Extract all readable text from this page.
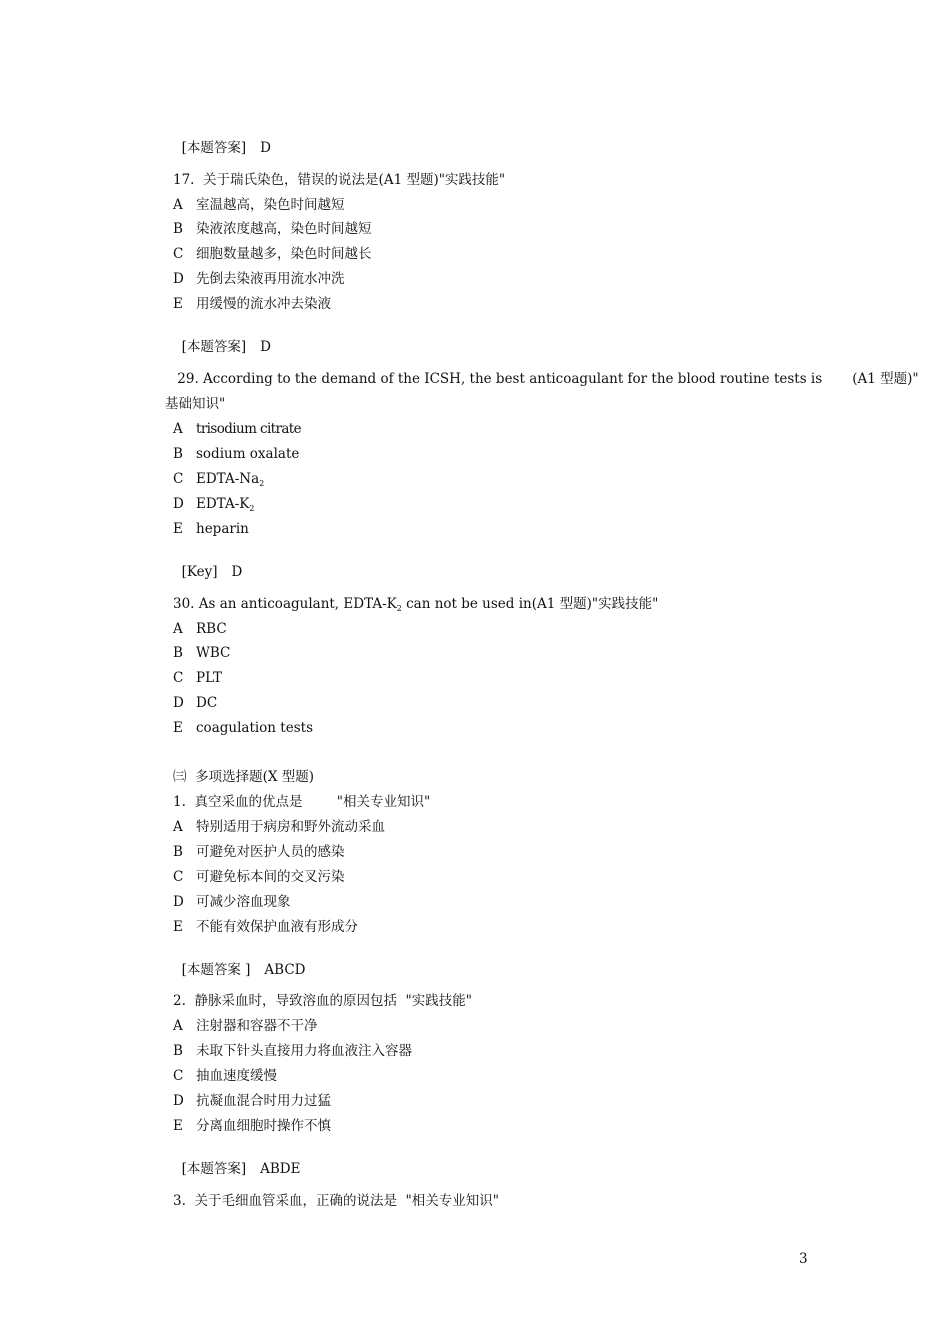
[本题答案] D

17.  关于瑞氏染色，错误的说法是(A1 型题)"实践技能"
A 室温越高，染色时间越短
B 染液浓度越高，染色时间越短
C 细胞数量越多，染色时间越长
D 先倒去染液再用流水冲洗
E 用缓慢的流水冲去染液

[本题答案] D

29. According to the demand of the ICSH, the best anticoagulant for the blood routine tests is       (A1 型题)"
基础知识"
A trisodium citrate
B sodium oxalate
C EDTA-$Na_2$
D EDTA-$K_2$
E heparin

[Key] D

30. As an anticoagulant, EDTA-$K_2$ can not be used in(A1 型题)"实践技能"
A RBC
B WBC
C PLT
D DC
E coagulation tests
㈢  多项选择题(X 型题)
1.  真空采血的优点是        "相关专业知识"
A 特别适用于病房和野外流动采血
B 可避免对医护人员的感染
C 可避免标本间的交叉污染
D 可减少溶血现象
E 不能有效保护血液有形成分

[本题答案 ] ABCD

2.  静脉采血时，导致溶血的原因包括  "实践技能"
A 注射器和容器不干净
B 未取下针头直接用力将血液注入容器
C 抽血速度缓慢
D 抗凝血混合时用力过猛
E 分离血细胞时操作不慎

[本题答案] ABDE

3.  关于毛细血管采血，正确的说法是  "相关专业知识"
3
